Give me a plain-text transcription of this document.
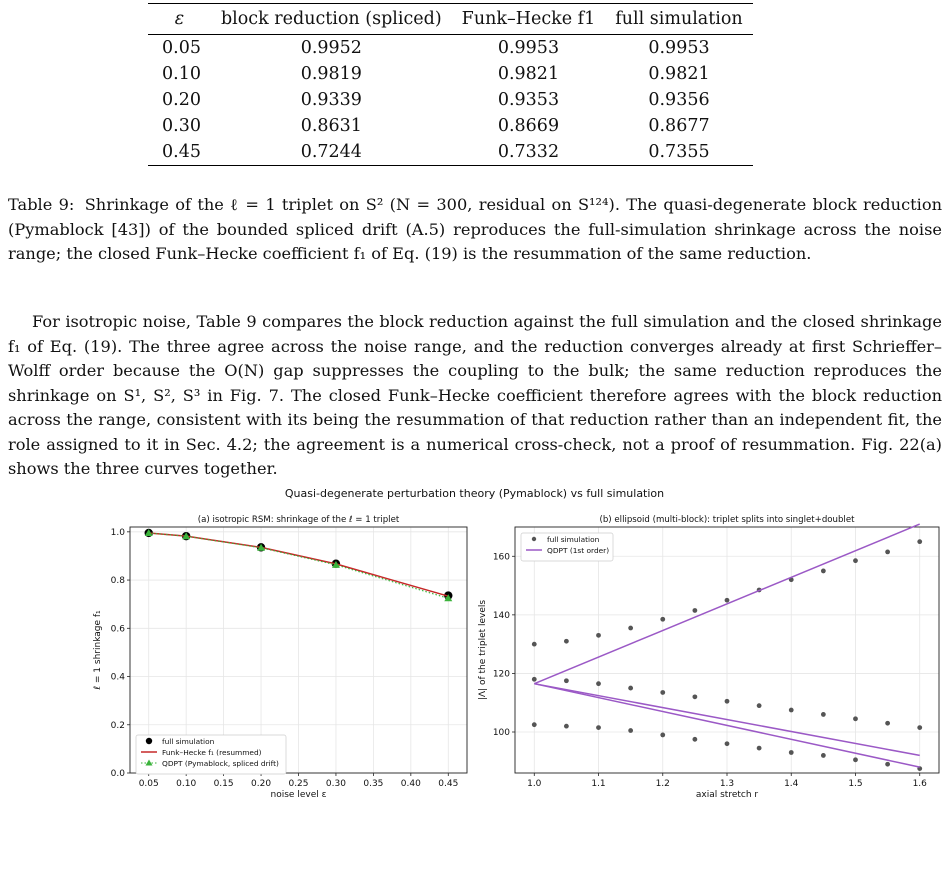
ε	block reduction (spliced)	Funk–Hecke f1	full simulation
0.05	0.9952	0.9953	0.9953
0.10	0.9819	0.9821	0.9821
0.20	0.9339	0.9353	0.9356
0.30	0.8631	0.8669	0.8677
0.45	0.7244	0.7332	0.7355
Table 9: Shrinkage of the ℓ = 1 triplet on S² (N = 300, residual on S¹²⁴). The quasi-degenerate block reduction (Pymablock [43]) of the bounded spliced drift (A.5) reproduces the full-simulation shrinkage across the noise range; the closed Funk–Hecke coefficient f₁ of Eq. (19) is the resummation of the same reduction.
For isotropic noise, Table 9 compares the block reduction against the full simulation and the closed shrinkage f₁ of Eq. (19). The three agree across the noise range, and the reduction converges already at first Schrieffer–Wolff order because the O(N) gap suppresses the coupling to the bulk; the same reduction reproduces the shrinkage on S¹, S², S³ in Fig. 7. The closed Funk–Hecke coefficient therefore agrees with the block reduction across the range, consistent with its being the resummation of that reduction rather than an independent fit, the role assigned to it in Sec. 4.2; the agreement is a numerical cross-check, not a proof of resummation. Fig. 22(a) shows the three curves together.
Quasi-degenerate perturbation theory (Pymablock) vs full simulation
0.05 0.10 0.15 0.20 0.25 0.30 0.35 0.40 0.45
0.0
0.2
0.4
0.6
0.8
1.0
(a) isotropic RSM: shrinkage of the ℓ = 1 triplet
noise level ε
ℓ = 1 shrinkage f₁
full simulation
Funk–Hecke f₁ (resummed)
QDPT (Pymablock, spliced drift)
1.0	1.1	1.2	1.3	1.4	1.5	1.6
100
120
140
160
(b) ellipsoid (multi-block): triplet splits into singlet+doublet
axial stretch r
|Λ| of the triplet levels
full simulation
QDPT (1st order)
